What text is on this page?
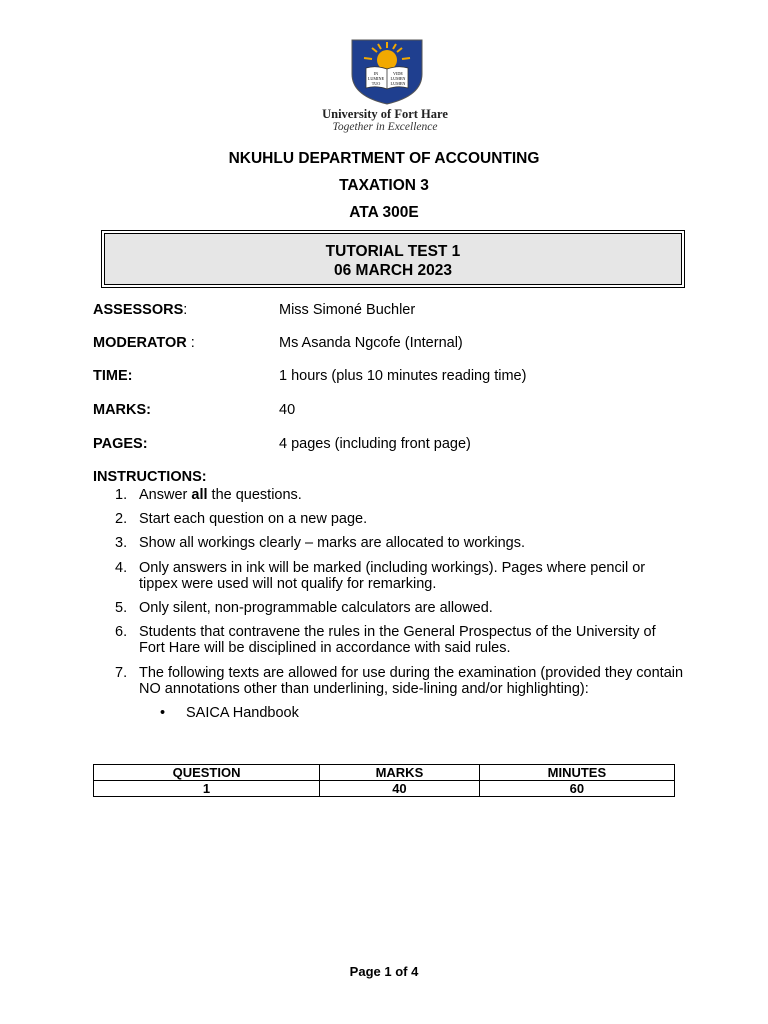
IN	VIDE
LUMINE LUMEN
TUO LUMEN
University of Fort Hare
Together in Excellence
NKUHLU DEPARTMENT OF ACCOUNTING
TAXATION 3
ATA 300E
TUTORIAL TEST 1
06 MARCH 2023
ASSESSORS:	Miss Simoné Buchler
MODERATOR :	Ms Asanda Ngcofe (Internal)
TIME:	1 hours (plus 10 minutes reading time)
MARKS:	40
PAGES:	4 pages (including front page)
INSTRUCTIONS:
1. Answer all the questions.
2. Start each question on a new page.
3. Show all workings clearly – marks are allocated to workings.
4. Only answers in ink will be marked (including workings). Pages where pencil or tippex were used will not qualify for remarking.
5. Only silent, non-programmable calculators are allowed.
6. Students that contravene the rules in the General Prospectus of the University of Fort Hare will be disciplined in accordance with said rules.
7. The following texts are allowed for use during the examination (provided they contain NO annotations other than underlining, side-lining and/or highlighting):
• SAICA Handbook
QUESTION	MARKS	MINUTES
1	40	60
Page 1 of 4
